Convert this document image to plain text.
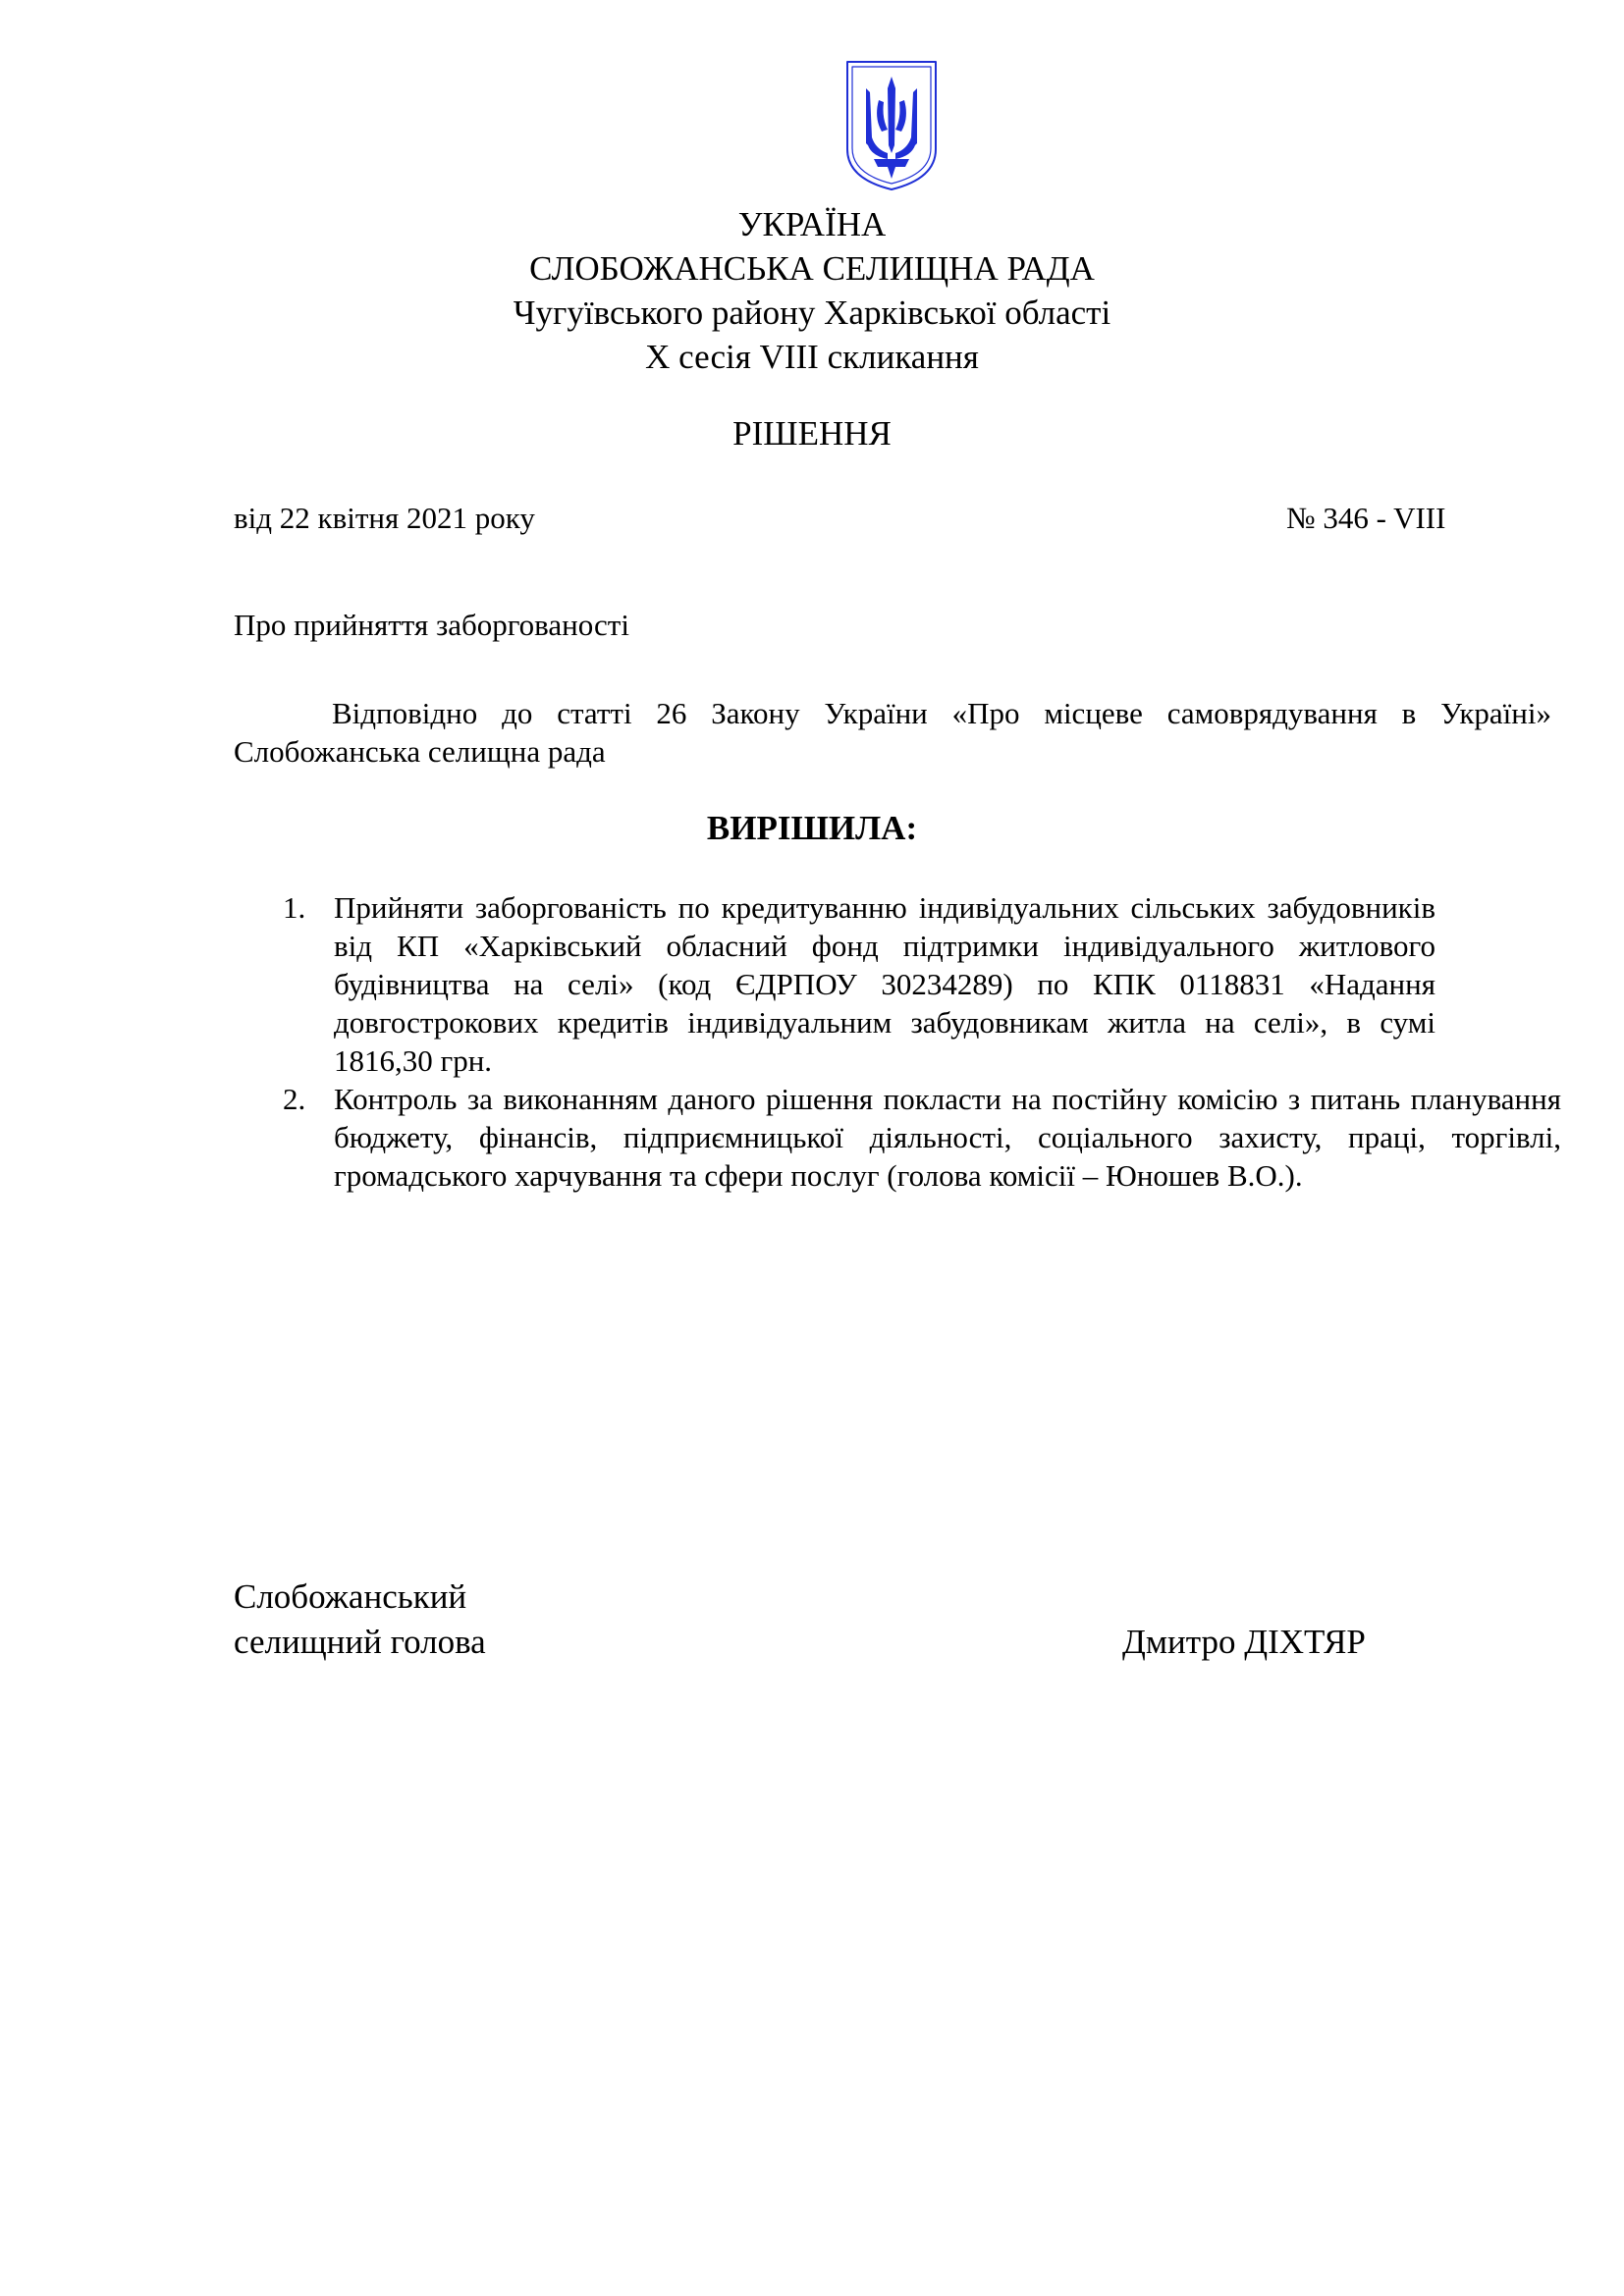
УКРАЇНА
СЛОБОЖАНСЬКА СЕЛИЩНА РАДА
Чугуївського району Харківської області
Х сесія VIII скликання
РІШЕННЯ
від 22 квітня 2021 року	№ 346 - VIII
Про прийняття заборгованості
Відповідно до статті 26 Закону України «Про місцеве самоврядування в Україні» Слобожанська селищна рада
ВИРІШИЛА:
1. Прийняти заборгованість по кредитуванню індивідуальних сільських забудовників від КП «Харківський обласний фонд підтримки індивідуального житлового будівництва на селі» (код ЄДРПОУ 30234289) по КПК 0118831 «Надання довгострокових кредитів індивідуальним забудовникам житла на селі», в сумі 1816,30 грн.
2. Контроль за виконанням даного рішення покласти на постійну комісію з питань планування бюджету, фінансів, підприємницької діяльності, соціального захисту, праці, торгівлі, громадського харчування та сфери послуг (голова комісії – Юношев В.О.).
Слобожанський
селищний голова	Дмитро ДІХТЯР
